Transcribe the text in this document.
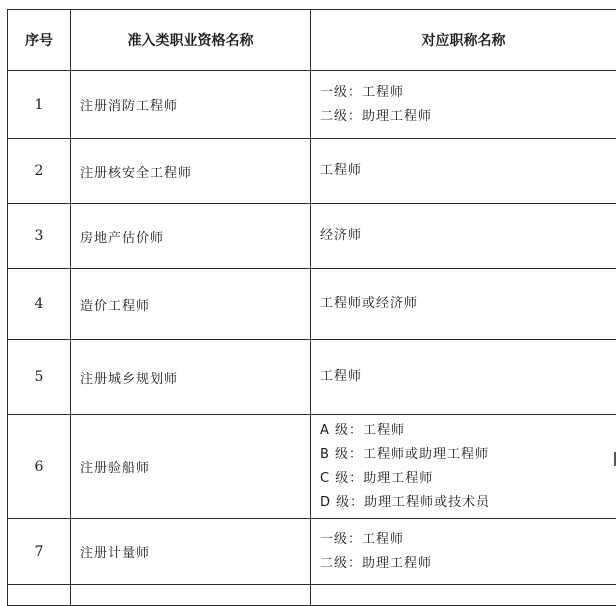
序号	准入类职业资格名称	对应职称名称
1	注册消防工程师	一级：工程师
二级：助理工程师

2	注册核安全工程师	工程师

3	房地产估价师	经济师

4	造价工程师	工程师或经济师

5	注册城乡规划师	工程师

6	注册验船师	A 级：工程师
B 级：工程师或助理工程师
C 级：助理工程师
D 级：助理工程师或技术员

7	注册计量师	一级：工程师
二级：助理工程师
